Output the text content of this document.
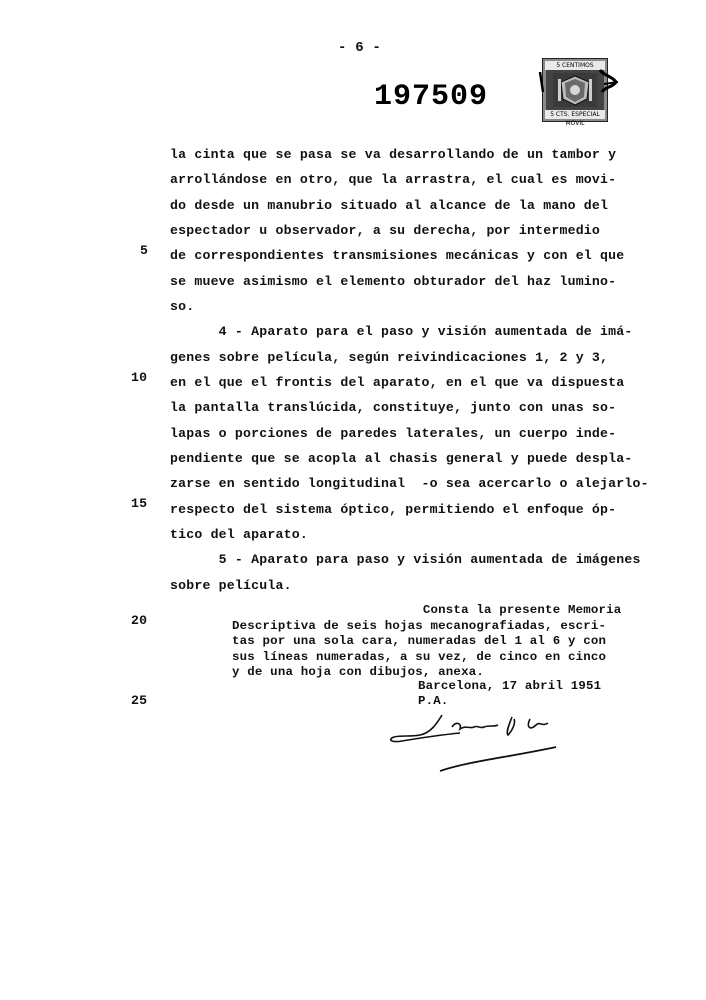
- 6 -
197509
5 CENTIMOS
5 CTS. ESPECIAL MOVIL
la cinta que se pasa se va desarrollando de un tambor y
arrollándose en otro, que la arrastra, el cual es movi-
do desde un manubrio situado al alcance de la mano del
espectador u observador, a su derecha, por intermedio
de correspondientes transmisiones mecánicas y con el que
se mueve asimismo el elemento obturador del haz lumino-
so.
4 - Aparato para el paso y visión aumentada de imá-
genes sobre película, según reivindicaciones 1, 2 y 3,
en el que el frontis del aparato, en el que va dispuesta
la pantalla translúcida, constituye, junto con unas so-
lapas o porciones de paredes laterales, un cuerpo inde-
pendiente que se acopla al chasis general y puede despla-
zarse en sentido longitudinal  -o sea acercarlo o alejarlo-
respecto del sistema óptico, permitiendo el enfoque óp-
tico del aparato.
5 - Aparato para paso y visión aumentada de imágenes
sobre película.
5
10
15
20
25
Consta la presente Memoria
Descriptiva de seis hojas mecanografiadas, escri-
tas por una sola cara, numeradas del 1 al 6 y con
sus líneas numeradas, a su vez, de cinco en cinco
y de una hoja con dibujos, anexa.
Barcelona, 17 abril 1951
P.A.
